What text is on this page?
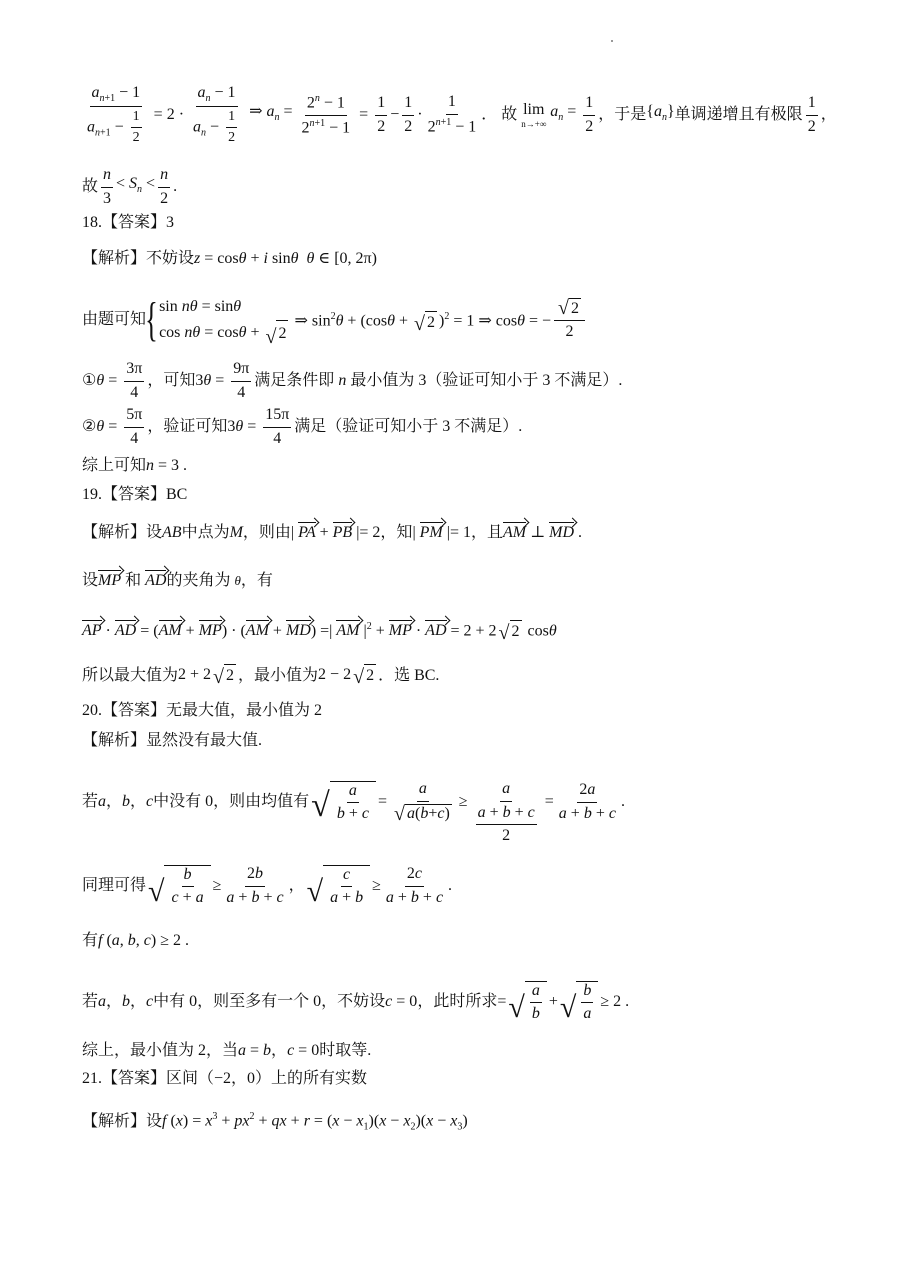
$\frac{a_{n+1} - 1}{a_{n+1} - \frac{1}{2}} = 2 \cdot \frac{a_n - 1}{a_n - \frac{1}{2}}$ ⇒ $a_n = \frac{2^n - 1}{2^{n+1} - 1} = \frac{1}{2} - \frac{1}{2} \cdot \frac{1}{2^{n+1} - 1}$ ． 故 lim
n→+∞
$a_n = \frac{1}{2}$ ，于是 $\{a_n\}$ 单调递增且有极限 $\frac{1}{2}$ ，
故 $\frac{n}{3} < S_n < \frac{n}{2}$ .
18.【答案】3
【解析】不妨设 z = cosθ + i sinθ θ ∈ [0, 2π)
由题可知 { sin nθ = sinθ
cos nθ = cosθ + √ 2
⇒ $\sin^2\theta + (\cos\theta$ + √ 2 )$^2$ = 1 ⇒ cosθ = − $\frac{√ 2}{2}$
① $\theta = \frac{3\pi}{4}$ ，可知 $3\theta = \frac{9\pi}{4}$ 满足条件即 n 最小值为 3（验证可知小于 3 不满足）.
② $\theta = \frac{5\pi}{4}$ ，验证可知 $3\theta = \frac{15\pi}{4}$ 满足（验证可知小于 3 不满足）.
综上可知 n = 3 .
19.【答案】BC
【解析】设 AB 中点为 M ，则由 | PA + PB |= 2 ，知 | PM |= 1 ，且 AM ⊥ MD .
设 MP 和 AD 的夹角为 θ ，有
AP · AD = (AM + MP) · (AM + MD) =| AM $|^2$ + MP · AD = 2 + 2 √ 2 cosθ
所以最大值为 2 + 2 √ 2 ，最小值为 2 − 2 √ 2 ．选 BC.
20.【答案】无最大值，最小值为 2
【解析】显然没有最大值.
若 a，b，c 中没有 0，则由均值有 √ $\frac{a}{b + c} = \frac{a}{√ a ( b + c )} \ge \frac{a}{\frac{a + b + c}{2}} = \frac{2a}{a + b + c}$ .
同理可得 √ $\frac{b}{c + a} \ge \frac{2b}{a + b + c}$ ， √ $\frac{c}{a + b} \ge \frac{2c}{a + b + c}$ .
有 f (a, b, c) ≥ 2 .
若 a，b，c 中有 0，则至多有一个 0，不妨设 c = 0 ，此时所求 = √ $\frac{a}{b}$ + √ $\frac{b}{a} \ge 2$ .
综上，最小值为 2，当 a = b，c = 0 时取等.
21.【答案】区间（ −2，0 ）上的所有实数
【解析】设 f $(x) = x^3 + px^2$ + qx + $r = (x - x_1)(x - x_2)(x - x_3)$
